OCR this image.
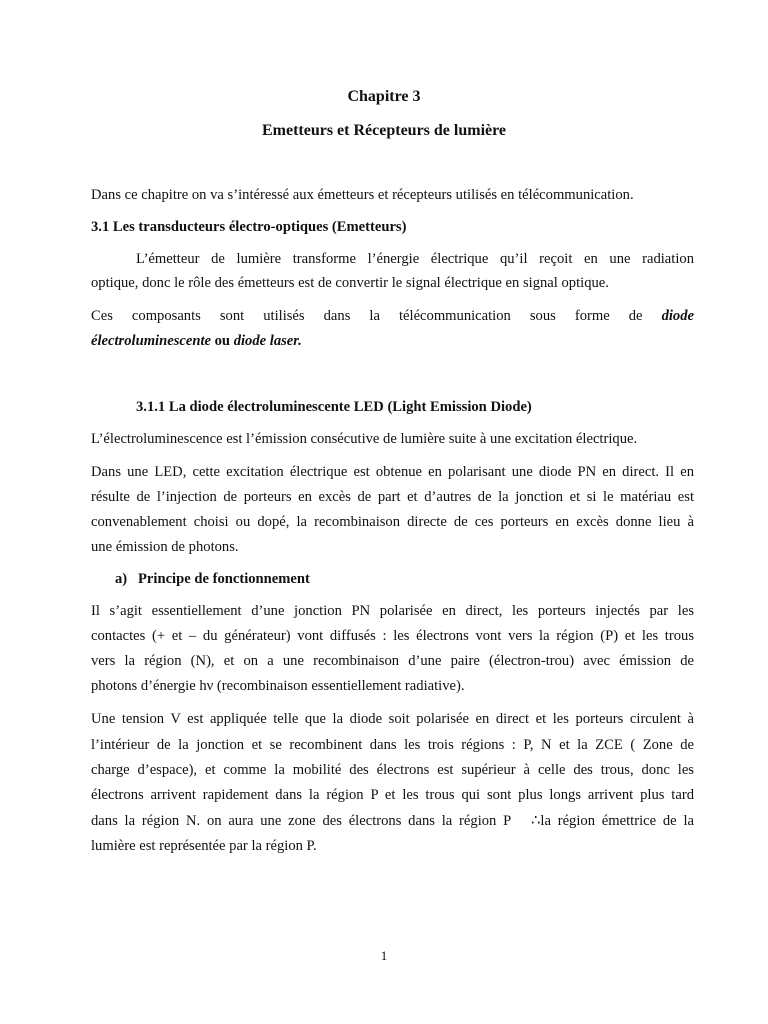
Chapitre 3
Emetteurs et Récepteurs de lumière
Dans ce chapitre on va s’intéressé aux émetteurs et récepteurs utilisés en télécommunication.
3.1 Les transducteurs électro-optiques (Emetteurs)
L’émetteur de lumière transforme l’énergie électrique qu’il reçoit en une radiation
optique, donc le rôle des émetteurs est de convertir le signal électrique en signal optique.
Ces composants sont utilisés dans la télécommunication sous forme de diode
électroluminescente ou diode laser.
3.1.1 La diode électroluminescente LED (Light Emission Diode)
L’électroluminescence est l’émission consécutive de lumière suite à une excitation électrique.
Dans une LED, cette excitation électrique est obtenue en polarisant une diode PN en direct. Il en
résulte de l’injection de porteurs en excès de part et d’autres de la jonction et si le matériau est
convenablement choisi ou dopé, la recombinaison directe de ces porteurs en excès donne lieu à
une émission de photons.
a) Principe de fonctionnement
Il s’agit essentiellement d’une jonction PN polarisée en direct, les porteurs injectés par les
contactes (+ et – du générateur) vont diffusés : les électrons vont vers la région (P) et les trous
vers la région (N), et on a une recombinaison d’une paire (électron-trou) avec émission de
photons d’énergie hν (recombinaison essentiellement radiative).
Une tension V est appliquée telle que la diode soit polarisée en direct et les porteurs circulent à
l’intérieur de la jonction et se recombinent dans les trois régions : P, N et la ZCE ( Zone de
charge d’espace), et comme la mobilité des électrons est supérieur à celle des trous, donc les
électrons arrivent rapidement dans la région P et les trous qui sont plus longs arrivent plus tard
dans la région N. on aura une zone des électrons dans la région P   ∴la région émettrice de la
lumière est représentée par la région P.
1
